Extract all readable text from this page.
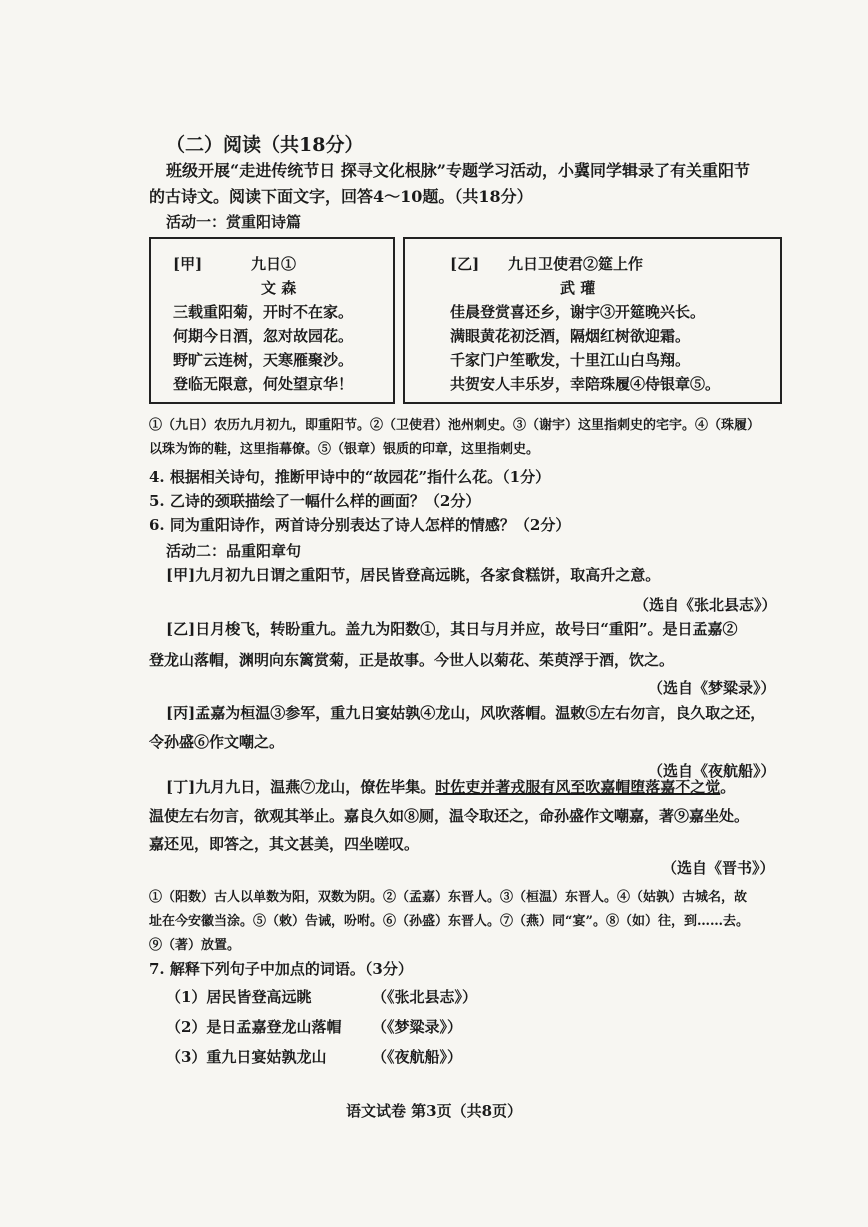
（二）阅读（共18分）
班级开展“走进传统节日 探寻文化根脉”专题学习活动，小冀同学辑录了有关重阳节
的古诗文。阅读下面文字，回答4～10题。（共18分）
活动一：赏重阳诗篇
[甲]	九日①
文 森
三载重阳菊，开时不在家。
何期今日酒，忽对故园花。
野旷云连树，天寒雁聚沙。
登临无限意，何处望京华！
[乙] 九日卫使君②筵上作
武 瓘
佳晨登赏喜还乡，谢宇③开筵晚兴长。
满眼黄花初泛酒，隔烟红树欲迎霜。
千家门户笙歌发，十里江山白鸟翔。
共贺安人丰乐岁，幸陪珠履④侍银章⑤。
①（九日）农历九月初九，即重阳节。②（卫使君）池州刺史。③（谢宇）这里指刺史的宅宇。④（珠履）
以珠为饰的鞋，这里指幕僚。⑤（银章）银质的印章，这里指刺史。
4. 根据相关诗句，推断甲诗中的“故园花”指什么花。（1分）
5. 乙诗的颈联描绘了一幅什么样的画面？（2分）
6. 同为重阳诗作，两首诗分别表达了诗人怎样的情感？（2分）
活动二：品重阳章句
[甲]九月初九日谓之重阳节，居民皆登高远眺，各家食糕饼，取高升之意。
（选自《张北县志》）
[乙]日月梭飞，转盼重九。盖九为阳数①，其日与月并应，故号曰“重阳”。是日孟嘉②
登龙山落帽，渊明向东篱赏菊，正是故事。今世人以菊花、茱萸浮于酒，饮之。
（选自《梦粱录》）
[丙]孟嘉为桓温③参军，重九日宴姑孰④龙山，风吹落帽。温敕⑤左右勿言，良久取之还，
令孙盛⑥作文嘲之。
（选自《夜航船》）
[丁]九月九日，温燕⑦龙山，僚佐毕集。时佐吏并著戎服有风至吹嘉帽堕落嘉不之觉。
温使左右勿言，欲观其举止。嘉良久如⑧厕，温令取还之，命孙盛作文嘲嘉，著⑨嘉坐处。
嘉还见，即答之，其文甚美，四坐嗟叹。
（选自《晋书》）
①（阳数）古人以单数为阳，双数为阴。②（孟嘉）东晋人。③（桓温）东晋人。④（姑孰）古城名，故
址在今安徽当涂。⑤（敕）告诫，吩咐。⑥（孙盛）东晋人。⑦（燕）同“宴”。⑧（如）往，到……去。
⑨（著）放置。
7. 解释下列句子中加点的词语。（3分）
（1）居民皆登高远眺	（《张北县志》）
（2）是日孟嘉登龙山落帽 （《梦粱录》）
（3）重九日宴姑孰龙山	（《夜航船》）
语文试卷 第3页（共8页）
